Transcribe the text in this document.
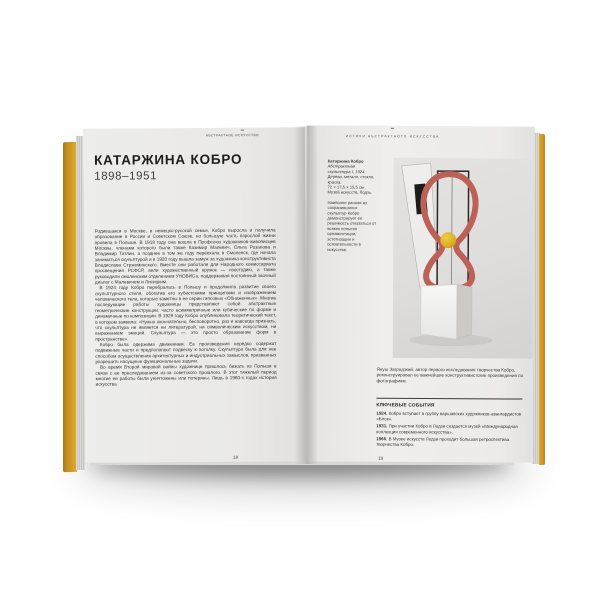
АБСТРАКТНОЕ ИСКУССТВО
КАТАРЖИНА КОБРО
1898–1951

Родившаяся в Москве, в немецко-русской семье, Кобро выросла и получила образование в России и Советском Союзе, но большую часть взрослой жизни провела в Польше. В 1918 году она вошла в Профсоюз художников-живописцев Москвы, членами которого были также Казимир Малевич, Ольга Розанова и Владимир Татлин, а позднее в том же году переехала в Смоленск, где начала заниматься скульптурой и в 1920 году вышла замуж за художника-конструктивиста Владислава Стржеминского. Вместе они работали для Народного комиссариата просвещения РСФСР, вели художественный кружок — изостудию, а также руководили смоленским отделением УНОВИСа, поддерживая постоянный заочный диалог с Малевичем и Лисицким.

В 1924 году Кобро перебралась в Польшу и продолжила развитие своего скульптурного стиля, обогатив его кубистскими принципами и изображением человеческого тела, которые заметны в ее серии гипсовых «Обнаженных». Многие последующие работы художницы представляют собой абстрактные геометрические конструкции, часто асимметричные или кубические по форме и динамичные по композиции. В 1929 году Кобро опубликовала теоретический текст, в котором заявила: «Нужно окончательно, бесповоротно, раз и навсегда признать, что скульптура не является ни литературой, ни символическим искусством, ни выражением эмоций. Скульптура — это просто образование форм в пространстве».

Кобро была одержима движением. Ее произведения нередко содержат подвижные части и предполагают подвеску к потолку. Скульптура была для нее способом осуществления архитектурных и индустриальных замыслов, призванных разрешить насущные функциональные задачи.

Во время Второй мировой войны художнице пришлось бежать из Польши в связи с ее преследованием из-за советского прошлого. В этот тяжелый период многие ее работы были уничтожены или потеряны. Лишь в 1960-х годах история искусства

18
ИСТОКИ АБСТРАКТНОГО ИСКУССТВА
Катаржина Кобро
Абстрактная скульптура I, 1924.
Дерево, металл, стекло, краска.
72 × 17,5 × 15,5 см
Музей искусств, Лодзь.
Наиболее ранняя из сохранившихся скульптур Кобро демонстрирует ее решимость отказаться от всяких попыток орнаментации, эстетизации и осязательности в искусстве.
Януш Загродзкий, автор первого исследования творчества Кобро, реконструировал ее важнейшие конструктивистские произведения по фотографиям.
КЛЮЧЕВЫЕ СОБЫТИЯ
1924. Кобро вступает в группу варшавских художников-авангардистов «Блок».
1931. При участии Кобро в Лодзи создается музей «Международная коллекция современного искусства».
1966. В Музее искусств Лодзи проходит большая ретроспектива творчества Кобро.
19
